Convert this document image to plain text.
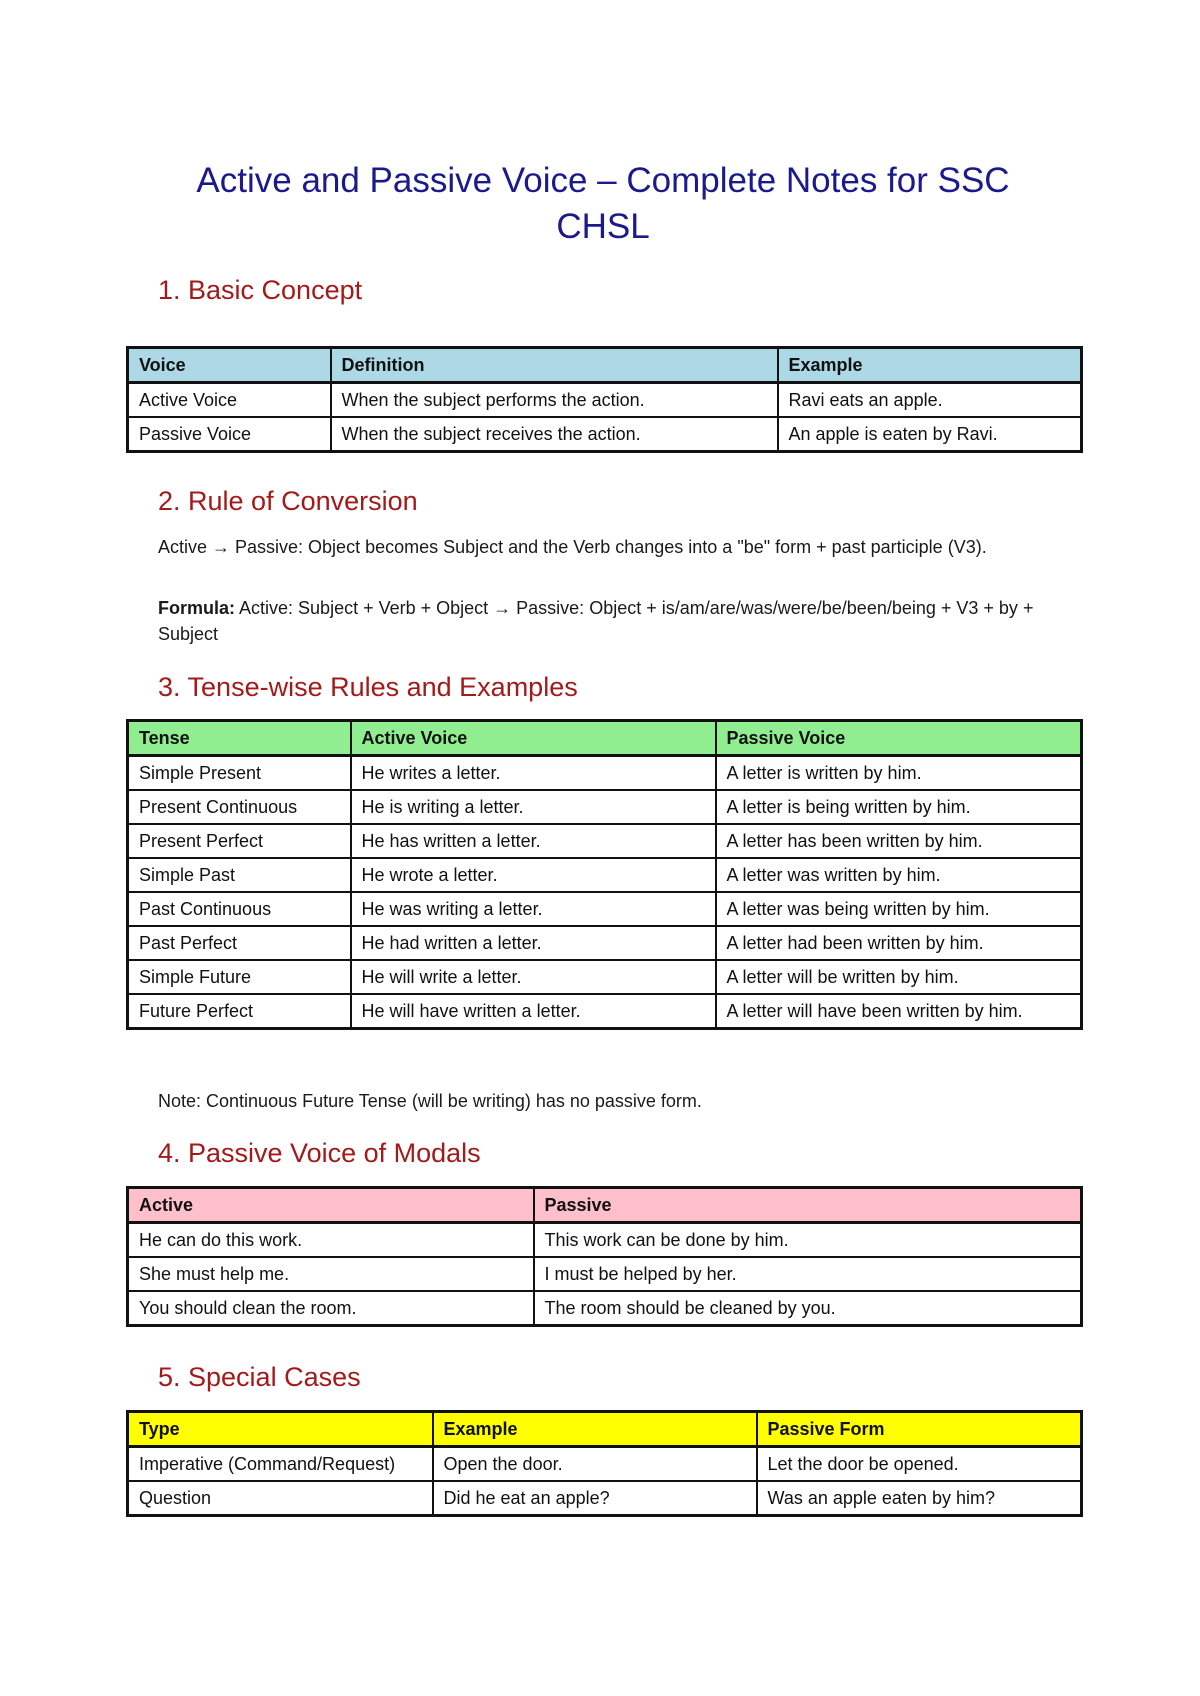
Active and Passive Voice – Complete Notes for SSC
CHSL
1. Basic Concept
Voice	Definition	Example
Active Voice	When the subject performs the action.	Ravi eats an apple.
Passive Voice	When the subject receives the action.	An apple is eaten by Ravi.
2. Rule of Conversion

Active → Passive: Object becomes Subject and the Verb changes into a "be" form + past participle (V3).

Formula: Active: Subject + Verb + Object → Passive: Object + is/am/are/was/were/be/been/being + V3 + by + Subject

3. Tense-wise Rules and Examples
Tense	Active Voice	Passive Voice
Simple Present	He writes a letter.	A letter is written by him.
Present Continuous	He is writing a letter.	A letter is being written by him.
Present Perfect	He has written a letter.	A letter has been written by him.
Simple Past	He wrote a letter.	A letter was written by him.
Past Continuous	He was writing a letter.	A letter was being written by him.
Past Perfect	He had written a letter.	A letter had been written by him.
Simple Future	He will write a letter.	A letter will be written by him.
Future Perfect	He will have written a letter.	A letter will have been written by him.

Note: Continuous Future Tense (will be writing) has no passive form.

4. Passive Voice of Modals
Active	Passive
He can do this work.	This work can be done by him.
She must help me.	I must be helped by her.
You should clean the room.	The room should be cleaned by you.
5. Special Cases
Type	Example	Passive Form
Imperative (Command/Request)	Open the door.	Let the door be opened.
Question	Did he eat an apple?	Was an apple eaten by him?
